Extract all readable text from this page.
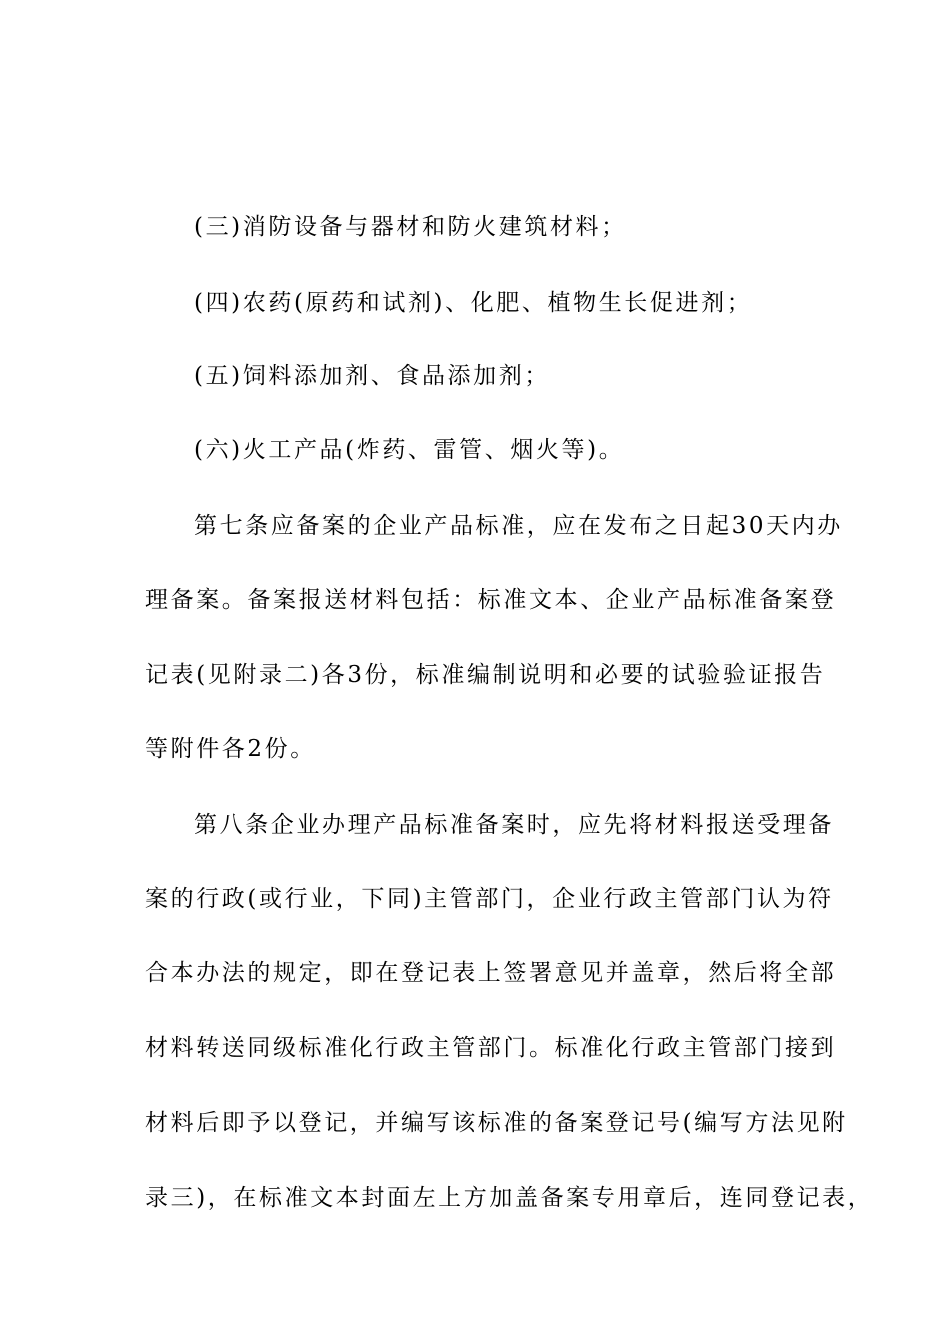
(三)消防设备与器材和防火建筑材料；
(四)农药(原药和试剂)、化肥、植物生长促进剂；
(五)饲料添加剂、食品添加剂；
(六)火工产品(炸药、雷管、烟火等)。
第七条应备案的企业产品标准，应在发布之日起30天内办
理备案。备案报送材料包括：标准文本、企业产品标准备案登
记表(见附录二)各3份，标准编制说明和必要的试验验证报告
等附件各2份。
第八条企业办理产品标准备案时，应先将材料报送受理备
案的行政(或行业，下同)主管部门，企业行政主管部门认为符
合本办法的规定，即在登记表上签署意见并盖章，然后将全部
材料转送同级标准化行政主管部门。标准化行政主管部门接到
材料后即予以登记，并编写该标准的备案登记号(编写方法见附
录三)，在标准文本封面左上方加盖备案专用章后，连同登记表，
